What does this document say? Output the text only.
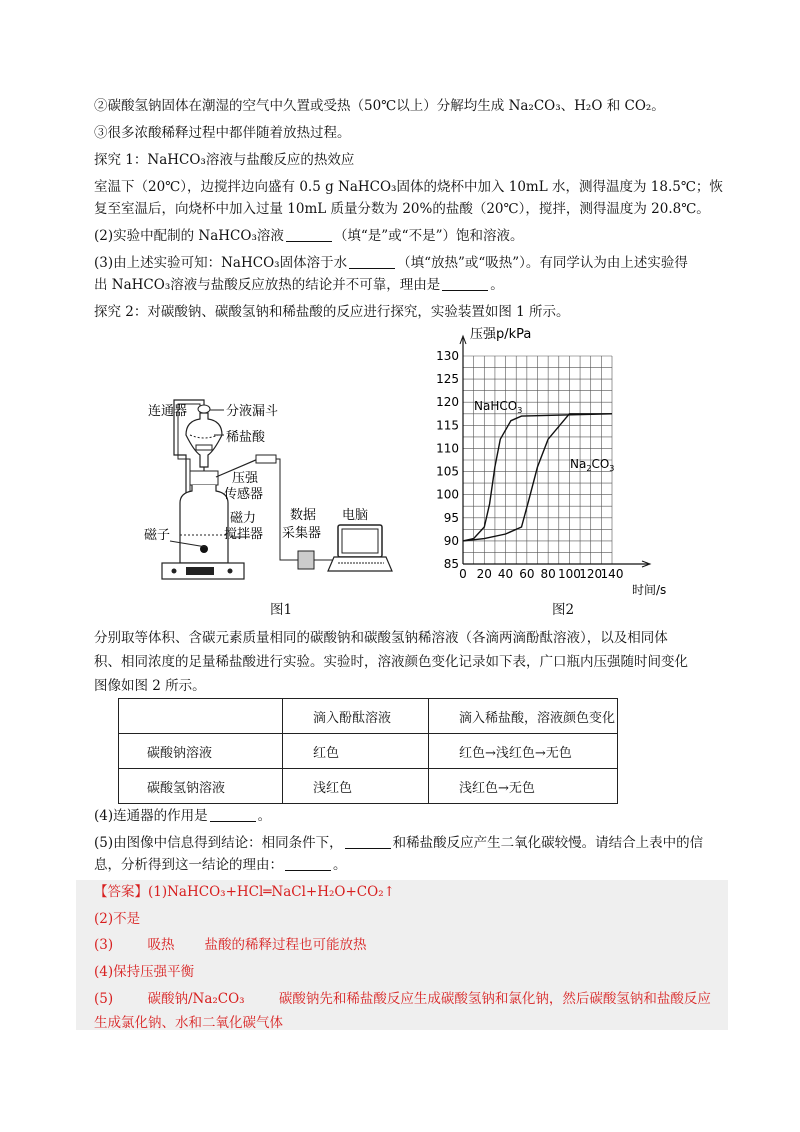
②碳酸氢钠固体在潮湿的空气中久置或受热（50℃以上）分解均生成 Na₂CO₃、H₂O 和 CO₂。
③很多浓酸稀释过程中都伴随着放热过程。
探究 1：NaHCO₃溶液与盐酸反应的热效应
室温下（20℃），边搅拌边向盛有 0.5 g NaHCO₃固体的烧杯中加入 10mL 水，测得温度为 18.5℃；恢
复至室温后，向烧杯中加入过量 10mL 质量分数为 20%的盐酸（20℃），搅拌，测得温度为 20.8℃。
(2)实验中配制的 NaHCO₃溶液	（填“是”或“不是”）饱和溶液。
(3)由上述实验可知：NaHCO₃固体溶于水	（填“放热”或“吸热”）。有同学认为由上述实验得
出 NaHCO₃溶液与盐酸反应放热的结论并不可靠，理由是	。
探究 2：对碳酸钠、碳酸氢钠和稀盐酸的反应进行探究，实验装置如图 1 所示。
连通器	分液漏斗
稀盐酸
压强
传感器
磁力
搅拌器
磁子
数据
采集器
电脑
图1
0 20 40 60 80 100
120
140
85
90
95
100
105
110
115
120
125
130
压强p/kPa
时间/s
NaHCO$_3$
$Na_2CO_3$
图2
分别取等体积、含碳元素质量相同的碳酸钠和碳酸氢钠稀溶液（各滴两滴酚酞溶液），以及相同体
积、相同浓度的足量稀盐酸进行实验。实验时，溶液颜色变化记录如下表，广口瓶内压强随时间变化
图像如图 2 所示。
	滴入酚酞溶液	滴入稀盐酸，溶液颜色变化
碳酸钠溶液	红色	红色→浅红色→无色
碳酸氢钠溶液	浅红色	浅红色→无色
(4)连通器的作用是	。
(5)由图像中信息得到结论：相同条件下，	和稀盐酸反应产生二氧化碳较慢。请结合上表中的信
息，分析得到这一结论的理由：	。
【答案】(1)NaHCO₃+HCl═NaCl+H₂O+CO₂↑
(2)不是
(3)        吸热       盐酸的稀释过程也可能放热
(4)保持压强平衡
(5)        碳酸钠/Na₂CO₃        碳酸钠先和稀盐酸反应生成碳酸氢钠和氯化钠，然后碳酸氢钠和盐酸反应
生成氯化钠、水和二氧化碳气体
